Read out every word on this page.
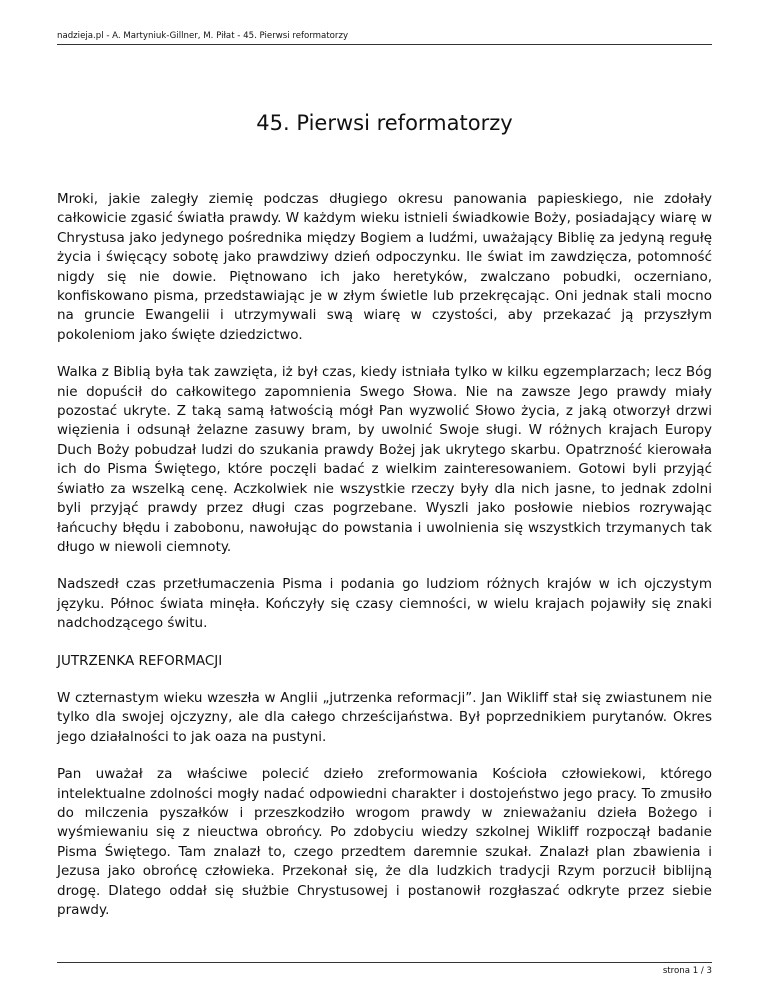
nadzieja.pl - A. Martyniuk-Gillner, M. Piłat - 45. Pierwsi reformatorzy
45. Pierwsi reformatorzy

Mroki, jakie zaległy ziemię podczas długiego okresu panowania papieskiego, nie zdołały całkowicie zgasić światła prawdy. W każdym wieku istnieli świadkowie Boży, posiadający wiarę w Chrystusa jako jedynego pośrednika między Bogiem a ludźmi, uważający Biblię za jedyną regułę życia i święcący sobotę jako prawdziwy dzień odpoczynku. Ile świat im zawdzięcza, potomność nigdy się nie dowie. Piętnowano ich jako heretyków, zwalczano pobudki, oczerniano, konfiskowano pisma, przedstawiając je w złym świetle lub przekręcając. Oni jednak stali mocno na gruncie Ewangelii i utrzymywali swą wiarę w czystości, aby przekazać ją przyszłym pokoleniom jako święte dziedzictwo.

Walka z Biblią była tak zawzięta, iż był czas, kiedy istniała tylko w kilku egzemplarzach; lecz Bóg nie dopuścił do całkowitego zapomnienia Swego Słowa. Nie na zawsze Jego prawdy miały pozostać ukryte. Z taką samą łatwością mógł Pan wyzwolić Słowo życia, z jaką otworzył drzwi więzienia i odsunął żelazne zasuwy bram, by uwolnić Swoje sługi. W różnych krajach Europy Duch Boży pobudzał ludzi do szukania prawdy Bożej jak ukrytego skarbu. Opatrzność kierowała ich do Pisma Świętego, które poczęli badać z wielkim zainteresowaniem. Gotowi byli przyjąć światło za wszelką cenę. Aczkolwiek nie wszystkie rzeczy były dla nich jasne, to jednak zdolni byli przyjąć prawdy przez długi czas pogrzebane. Wyszli jako posłowie niebios rozrywając łańcuchy błędu i zabobonu, nawołując do powstania i uwolnienia się wszystkich trzymanych tak długo w niewoli ciemnoty.

Nadszedł czas przetłumaczenia Pisma i podania go ludziom różnych krajów w ich ojczystym języku. Północ świata minęła. Kończyły się czasy ciemności, w wielu krajach pojawiły się znaki nadchodzącego świtu.

JUTRZENKA REFORMACJI

W czternastym wieku wzeszła w Anglii „jutrzenka reformacji”. Jan Wikliff stał się zwiastunem nie tylko dla swojej ojczyzny, ale dla całego chrześcijaństwa. Był poprzednikiem purytanów. Okres jego działalności to jak oaza na pustyni.

Pan uważał za właściwe polecić dzieło zreformowania Kościoła człowiekowi, którego intelektualne zdolności mogły nadać odpowiedni charakter i dostojeństwo jego pracy. To zmusiło do milczenia pyszałków i przeszkodziło wrogom prawdy w znieważaniu dzieła Bożego i wyśmiewaniu się z nieuctwa obrońcy. Po zdobyciu wiedzy szkolnej Wikliff rozpoczął badanie Pisma Świętego. Tam znalazł to, czego przedtem daremnie szukał. Znalazł plan zbawienia i Jezusa jako obrońcę człowieka. Przekonał się, że dla ludzkich tradycji Rzym porzucił biblijną drogę. Dlatego oddał się służbie Chrystusowej i postanowił rozgłaszać odkryte przez siebie prawdy.

strona 1 / 3
